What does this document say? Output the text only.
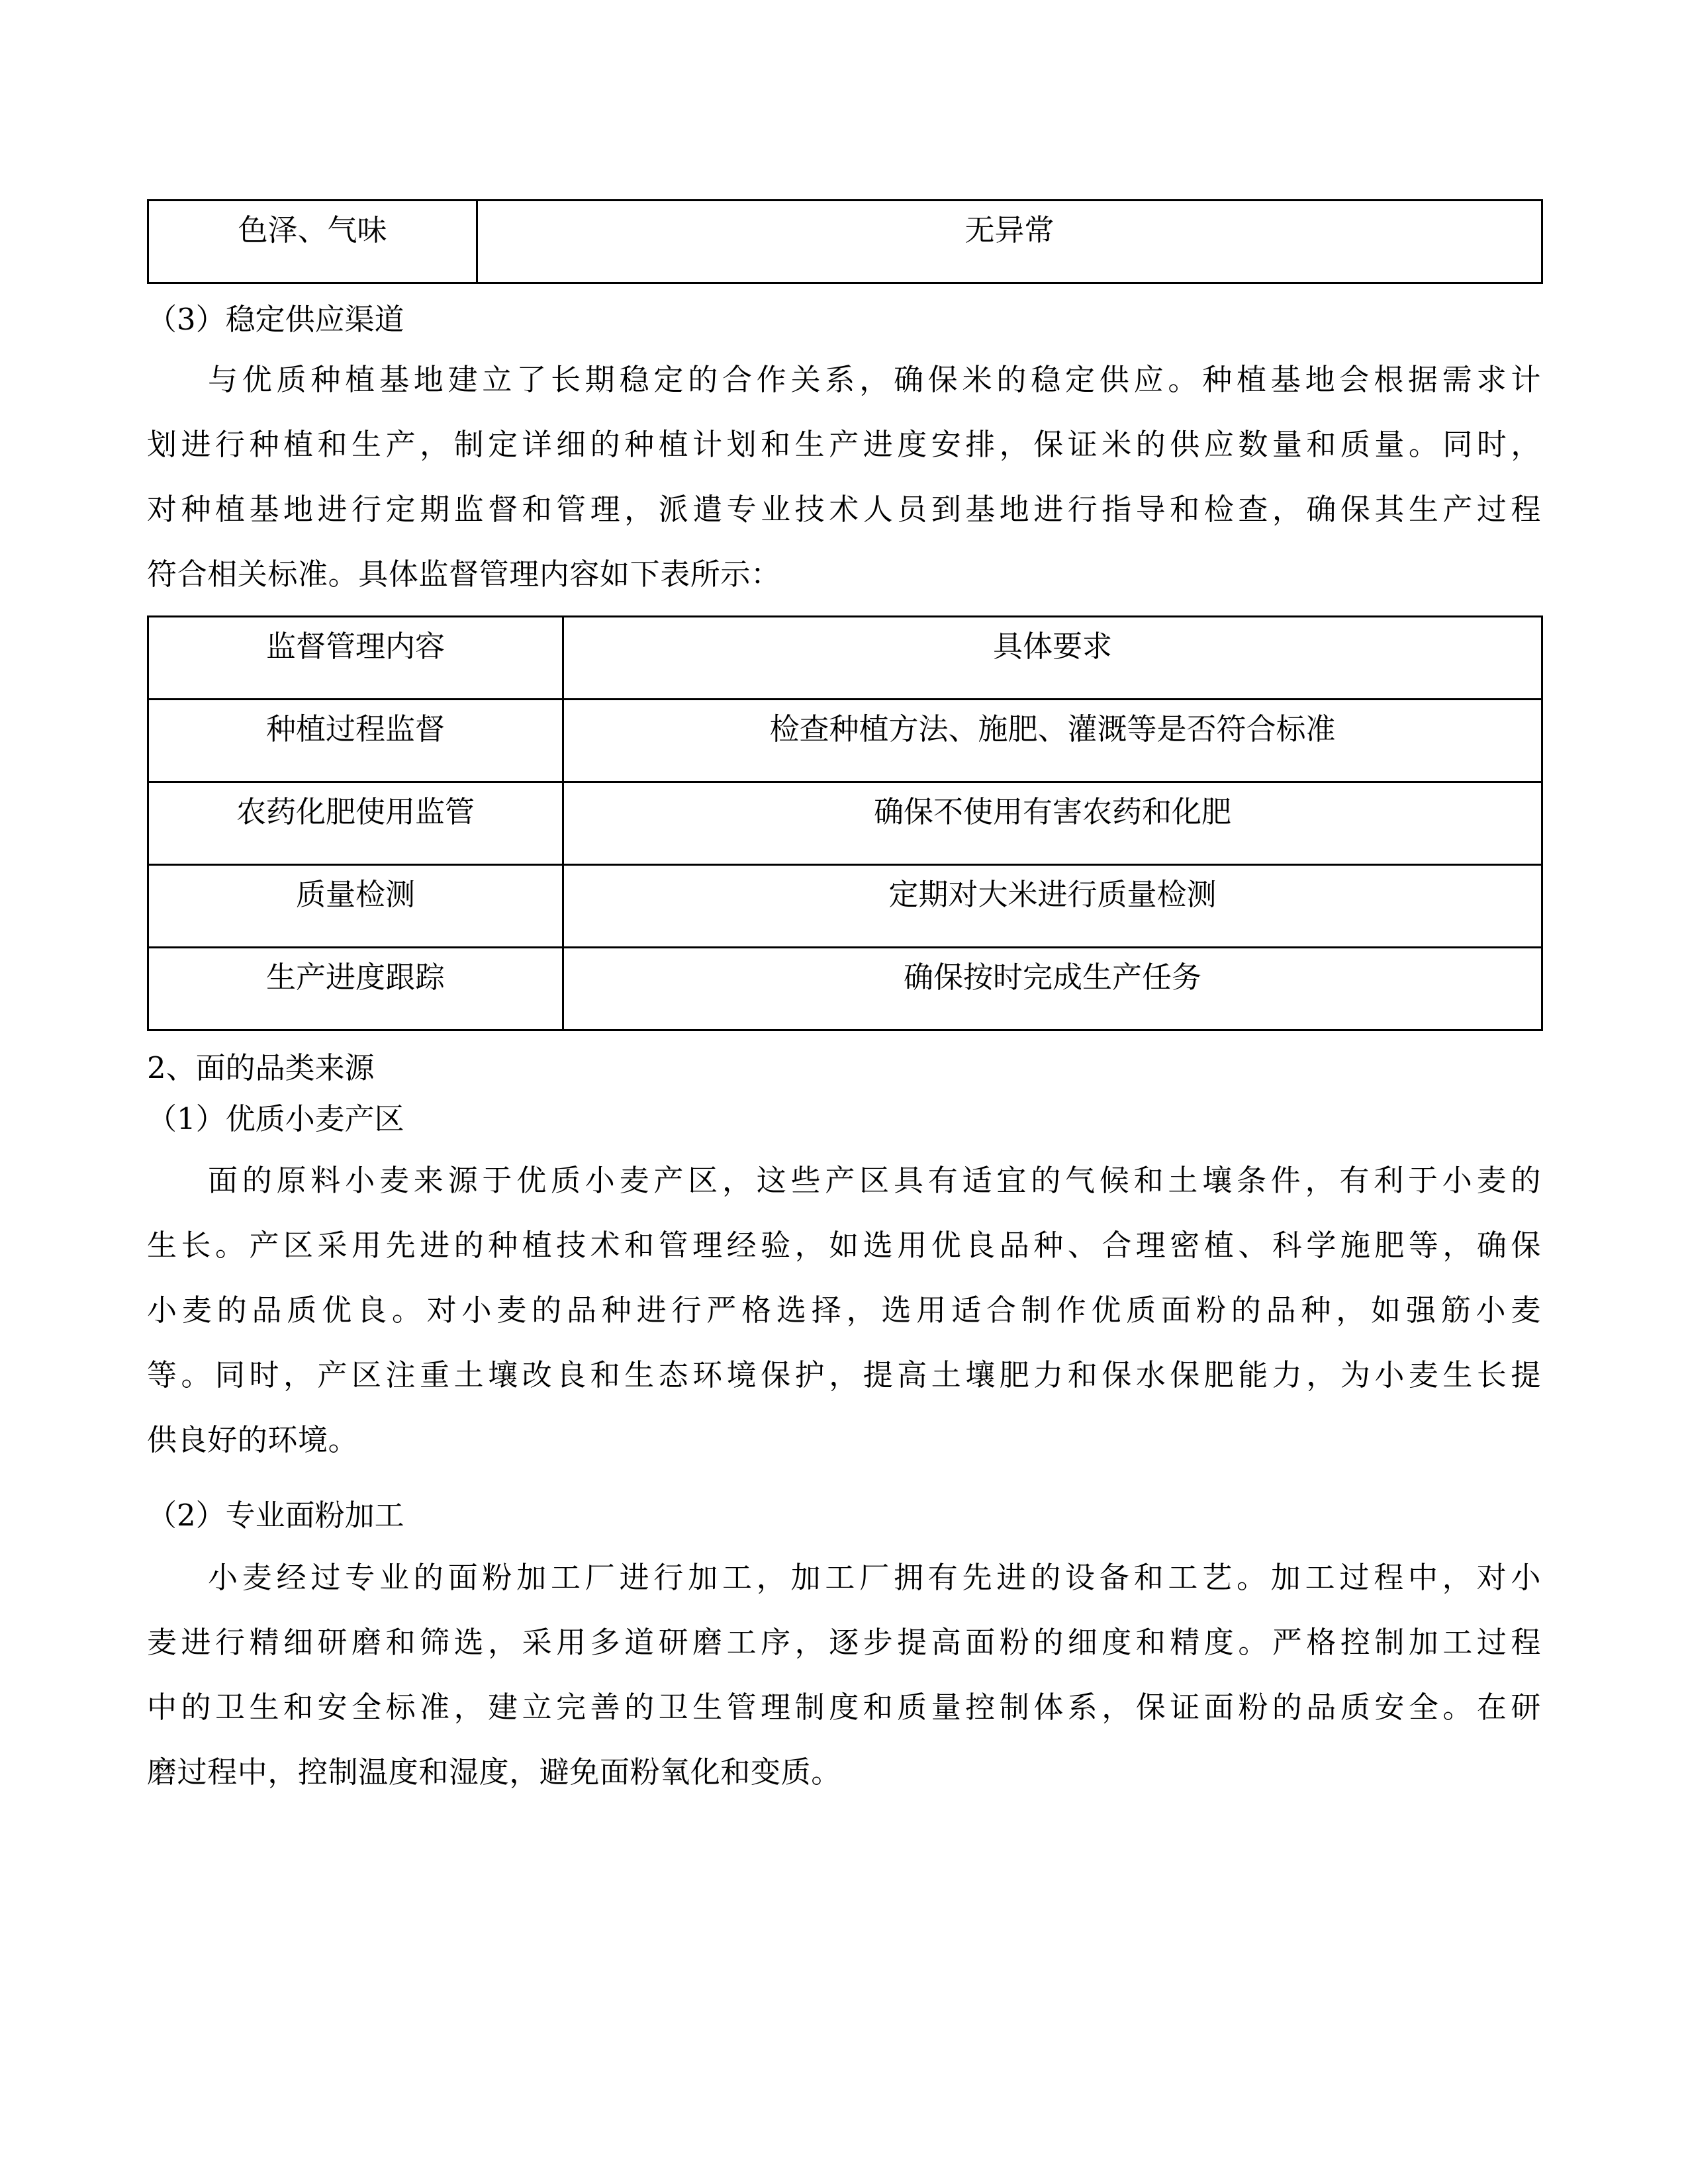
色泽、气味	无异常
（3）稳定供应渠道
与优质种植基地建立了长期稳定的合作关系，确保米的稳定供应。种植基地会根据需求计
划进行种植和生产，制定详细的种植计划和生产进度安排，保证米的供应数量和质量。同时，
对种植基地进行定期监督和管理，派遣专业技术人员到基地进行指导和检查，确保其生产过程
符合相关标准。具体监督管理内容如下表所示：
监督管理内容	具体要求
种植过程监督	检查种植方法、施肥、灌溉等是否符合标准
农药化肥使用监管	确保不使用有害农药和化肥
质量检测	定期对大米进行质量检测
生产进度跟踪	确保按时完成生产任务
2、面的品类来源
（1）优质小麦产区
面的原料小麦来源于优质小麦产区，这些产区具有适宜的气候和土壤条件，有利于小麦的
生长。产区采用先进的种植技术和管理经验，如选用优良品种、合理密植、科学施肥等，确保
小麦的品质优良。对小麦的品种进行严格选择，选用适合制作优质面粉的品种，如强筋小麦
等。同时，产区注重土壤改良和生态环境保护，提高土壤肥力和保水保肥能力，为小麦生长提
供良好的环境。
（2）专业面粉加工
小麦经过专业的面粉加工厂进行加工，加工厂拥有先进的设备和工艺。加工过程中，对小
麦进行精细研磨和筛选，采用多道研磨工序，逐步提高面粉的细度和精度。严格控制加工过程
中的卫生和安全标准，建立完善的卫生管理制度和质量控制体系，保证面粉的品质安全。在研
磨过程中，控制温度和湿度，避免面粉氧化和变质。
